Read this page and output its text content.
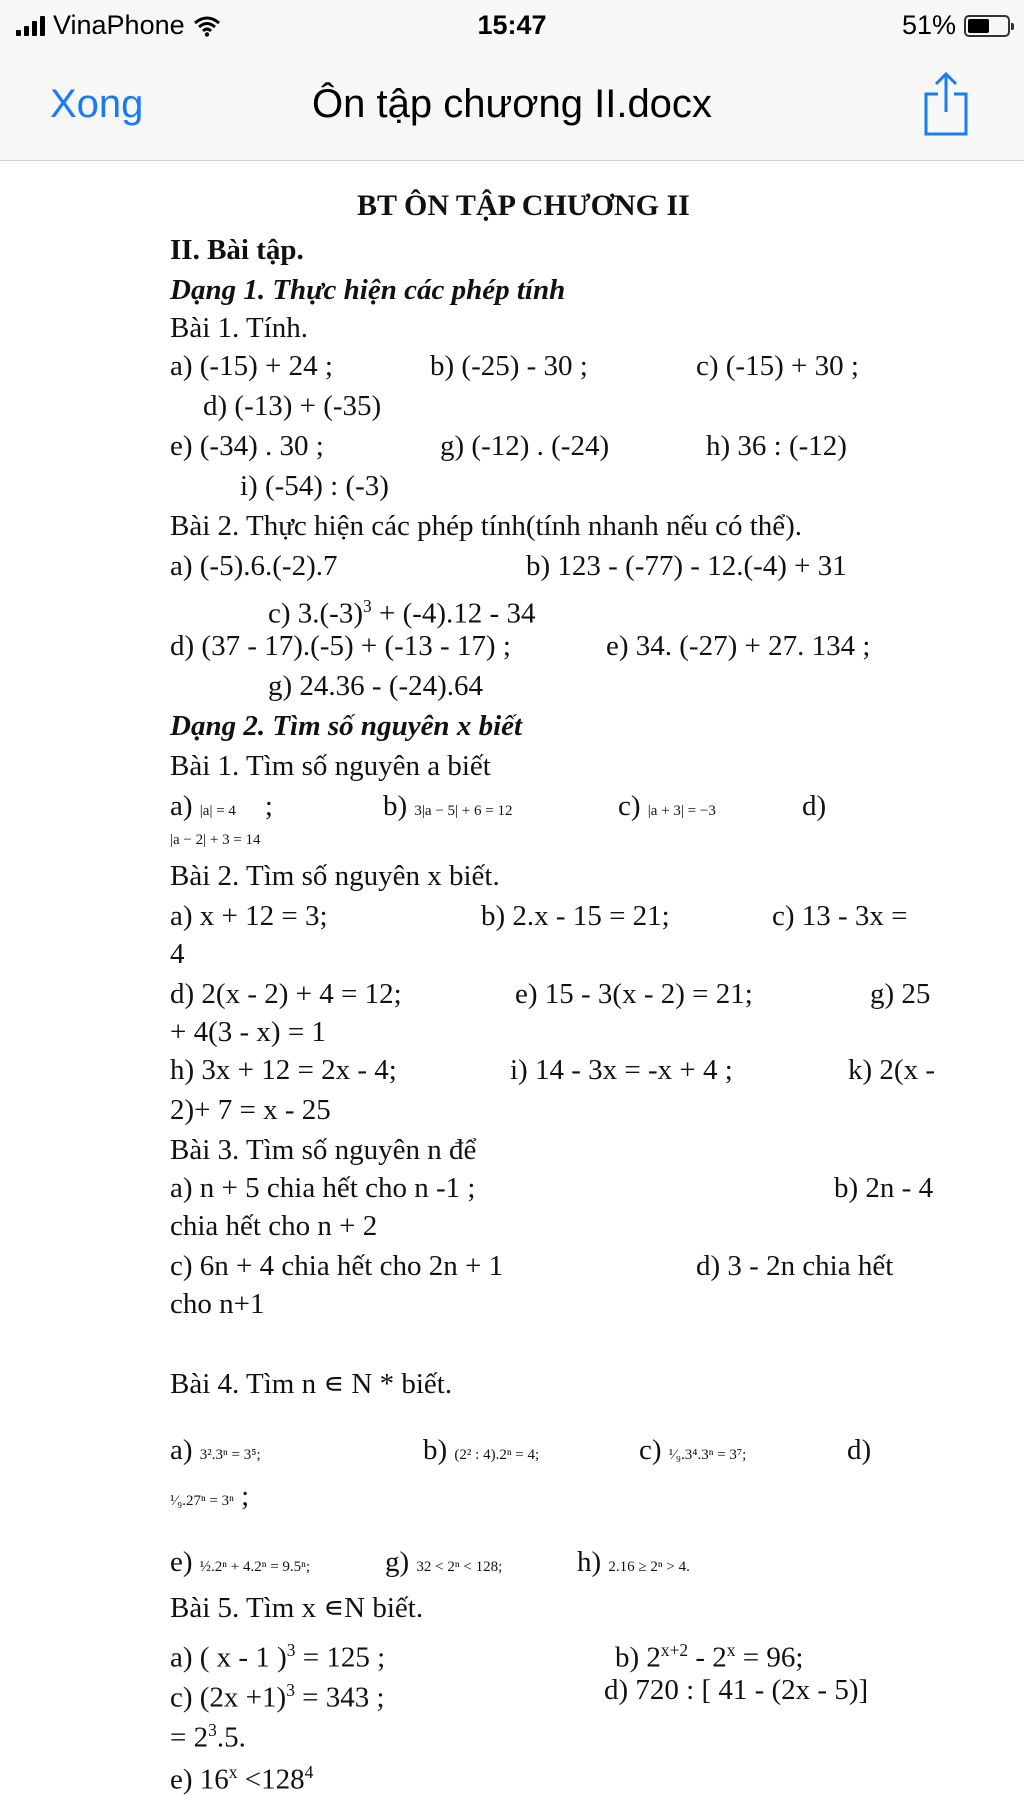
VinaPhone	15:47	51%
Xong	Ôn tập chương II.docx
BT ÔN TẬP CHƯƠNG II
II. Bài tập.
Dạng 1. Thực hiện các phép tính
Bài 1. Tính.
a) (-15) + 24 ;	b) (-25) - 30 ;	c) (-15) + 30 ;
d) (-13) + (-35)
e) (-34) . 30 ;	g) (-12) . (-24)	h) 36 : (-12)
i) (-54) : (-3)
Bài 2. Thực hiện các phép tính(tính nhanh nếu có thể).
a) (-5).6.(-2).7	b) 123 - (-77) - 12.(-4) + 31
c) $3.(-3)^3 + (-4).12 - 34$
d) (37 - 17).(-5) + (-13 - 17) ;	e) 34. (-27) + 27. 134 ;
g) 24.36 - (-24).64
Dạng 2. Tìm số nguyên x biết
Bài 1. Tìm số nguyên a biết
a) |a| = 4 ;	b) 3|a − 5| + 6 = 12	c) |a + 3| = −3	d)
|a − 2| + 3 = 14
Bài 2. Tìm số nguyên x biết.
a) x + 12 = 3;	b) 2.x - 15 = 21;	c) 13 - 3x =
4
d) 2(x - 2) + 4 = 12;	e) 15 - 3(x - 2) = 21;	g) 25
+ 4(3 - x) = 1
h) 3x + 12 = 2x - 4;	i) 14 - 3x = -x + 4 ;	k) 2(x -
2)+ 7 = x - 25
Bài 3. Tìm số nguyên n để
a) n + 5 chia hết cho n -1 ;	b) 2n - 4
chia hết cho n + 2
c) 6n + 4 chia hết cho 2n + 1	d) 3 - 2n chia hết
cho n+1
Bài 4. Tìm n ∊ N * biết.
a) 3².3ⁿ = 3⁵;	b) (2² : 4).2ⁿ = 4;	c) ¹⁄₉.3⁴.3ⁿ = 3⁷;	d)
¹⁄₉.27ⁿ = 3ⁿ ;
e) ½.2ⁿ + 4.2ⁿ = 9.5ⁿ;	g) 32 < 2ⁿ < 128;	h) 2.16 ≥ 2ⁿ > 4.
Bài 5. Tìm x ∊N biết.
a) ( x - 1 )$^3$ = 125 ;	b) $2^{x+2} - 2^x = 96$;
c) $(2x +1)^3 = 343$ ;	d) 720 : [ 41 - (2x - 5)]
= $2^3.5$.
e) $16^x <128^4$
